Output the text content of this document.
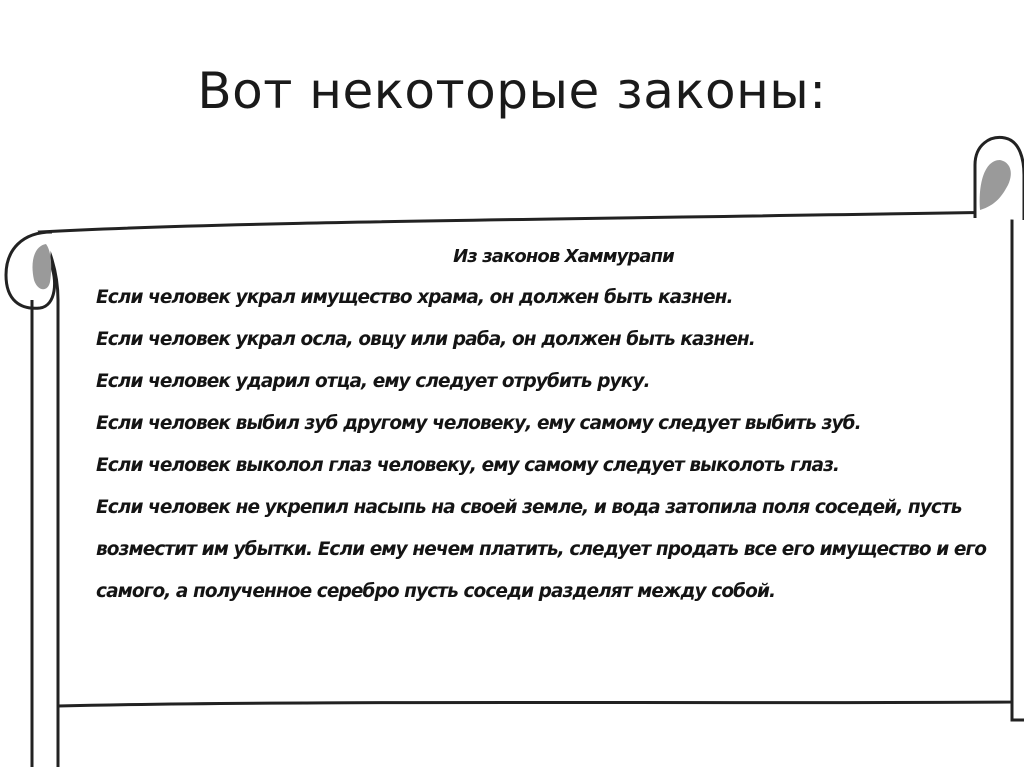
Вот некоторые законы:

Из законов Хаммурапи

Если человек украл имущество храма, он должен быть казнен.

Если человек украл осла, овцу или раба, он должен быть казнен.

Если человек ударил отца, ему следует отрубить руку.

Если человек выбил зуб другому человеку, ему самому следует выбить зуб.

Если человек выколол глаз человеку, ему самому следует выколоть глаз.

Если человек не укрепил насыпь на своей земле, и вода затопила поля соседей, пусть возместит им убытки. Если ему нечем платить, следует продать все его имущество и его самого, а полученное серебро пусть соседи разделят между собой.
